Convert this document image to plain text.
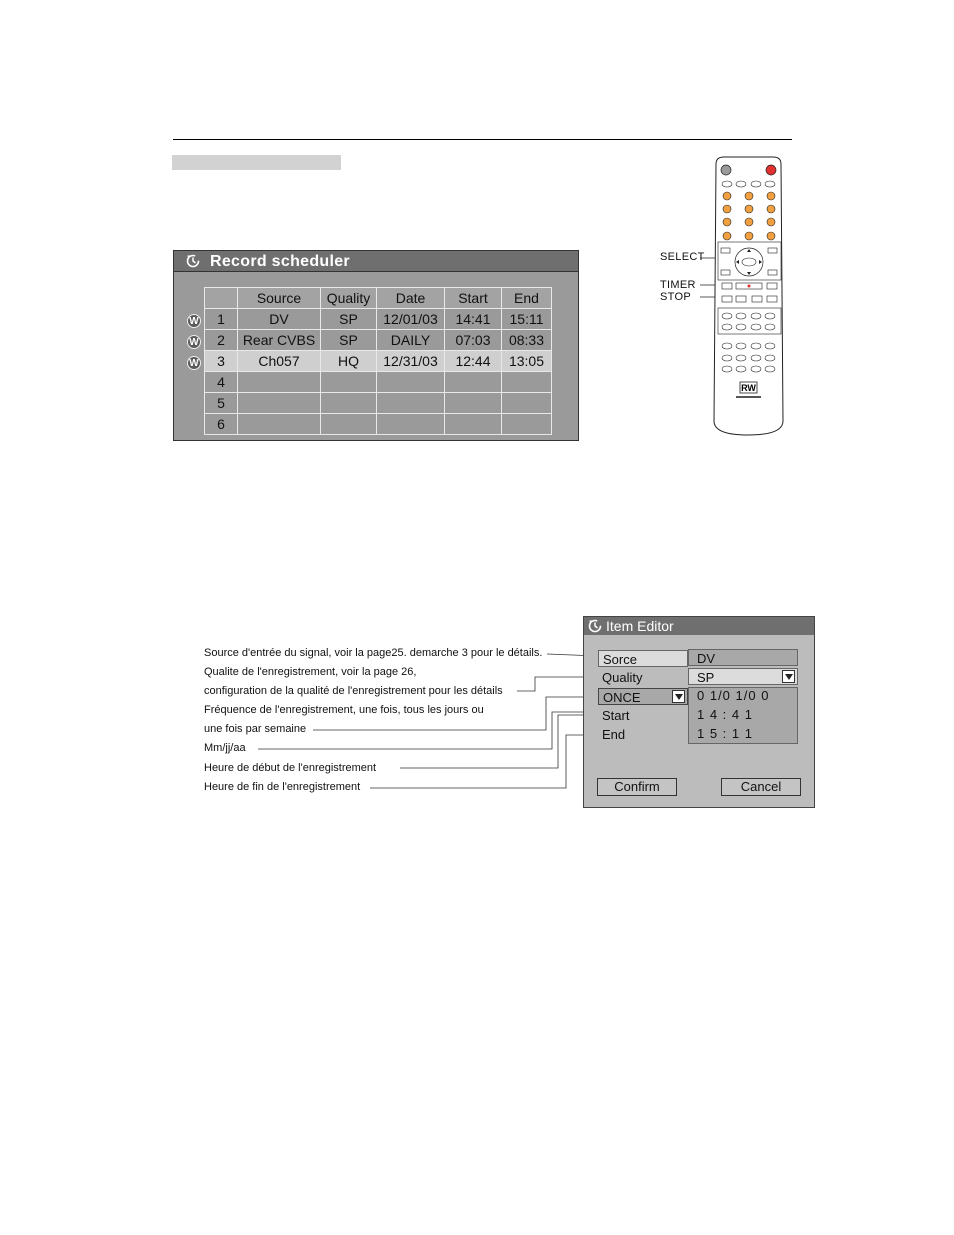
Record scheduler
W
W
W
	Source	Quality	Date	Start	End
1	DV	SP	12/01/03	14:41	15:11
2	Rear CVBS	SP	DAILY	07:03	08:33
3	Ch057	HQ	12/31/03	12:44	13:05
4					
5					
6					
SELECT
TIMER
STOP
RW
Source d'entrée du signal, voir la page25. demarche 3 pour le détails.
Qualite de l'enregistrement, voir la page 26,
configuration de la qualité de l'enregistrement pour les détails
Fréquence de l'enregistrement, une fois, tous les jours ou
une fois par semaine
Mm/jj/aa
Heure de début de l'enregistrement
Heure de fin de l'enregistrement
Item Editor
Sorce	DV
Quality	SP
ONCE	0 1/0 1/0 0
Start	1 4 : 4 1
End	1 5 : 1 1
Confirm	Cancel
